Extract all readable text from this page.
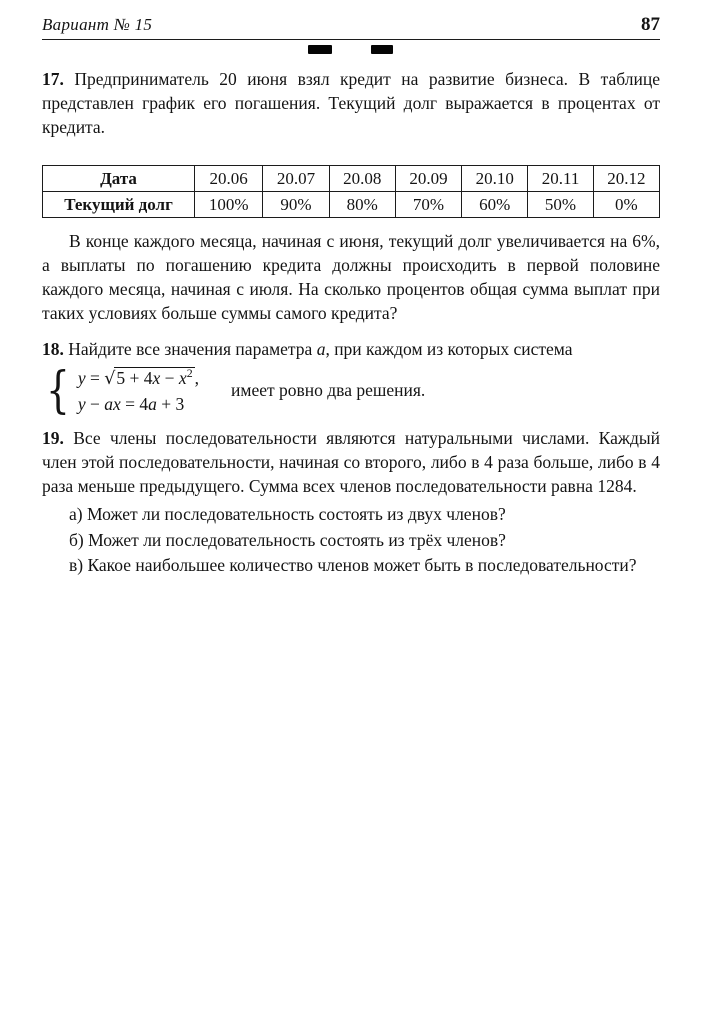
Вариант № 15	87

17. Предприниматель 20 июня взял кредит на развитие бизнеса. В таблице представлен график его погашения. Текущий долг выражается в процентах от кредита.

Дата	20.06	20.07	20.08	20.09	20.10	20.11	20.12
Текущий долг	100%	90%	80%	70%	60%	50%	0%

В конце каждого месяца, начиная с июня, текущий долг увеличивается на 6%, а выплаты по погашению кредита должны происходить в первой половине каждого месяца, начиная с июля. На сколько процентов общая сумма выплат при таких условиях больше суммы самого кредита?

18. Найдите все значения параметра a, при каждом из которых система

{ $y = √5 + 4x - x^2$ ,
y − ax = 4a + 3
имеет ровно два решения.

19. Все члены последовательности являются натуральными числами. Каждый член этой последовательности, начиная со второго, либо в 4 раза больше, либо в 4 раза меньше предыдущего. Сумма всех членов последовательности равна 1284.

а) Может ли последовательность состоять из двух членов?

б) Может ли последовательность состоять из трёх членов?

в) Какое наибольшее количество членов может быть в последовательности?
